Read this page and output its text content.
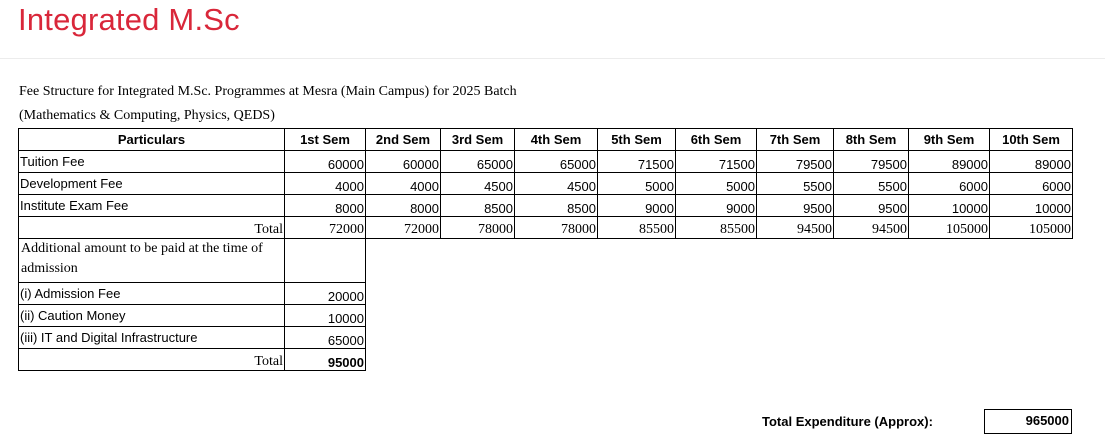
Integrated M.Sc
Fee Structure for Integrated M.Sc. Programmes at Mesra (Main Campus) for 2025 Batch
(Mathematics & Computing, Physics, QEDS)
Particulars	1st Sem	2nd Sem	3rd Sem	4th Sem	5th Sem	6th Sem	7th Sem	8th Sem	9th Sem	10th Sem
Tuition Fee	60000	60000	65000	65000	71500	71500	79500	79500	89000	89000
Development Fee	4000	4000	4500	4500	5000	5000	5500	5500	6000	6000
Institute Exam Fee	8000	8000	8500	8500	9000	9000	9500	9500	10000	10000
Total	72000	72000	78000	78000	85500	85500	94500	94500	105000	105000
Additional amount to be paid at the time of admission										
(i) Admission Fee	20000									
(ii) Caution Money	10000									
(iii) IT and Digital Infrastructure	65000									
Total	95000									
Total Expenditure (Approx):	965000
